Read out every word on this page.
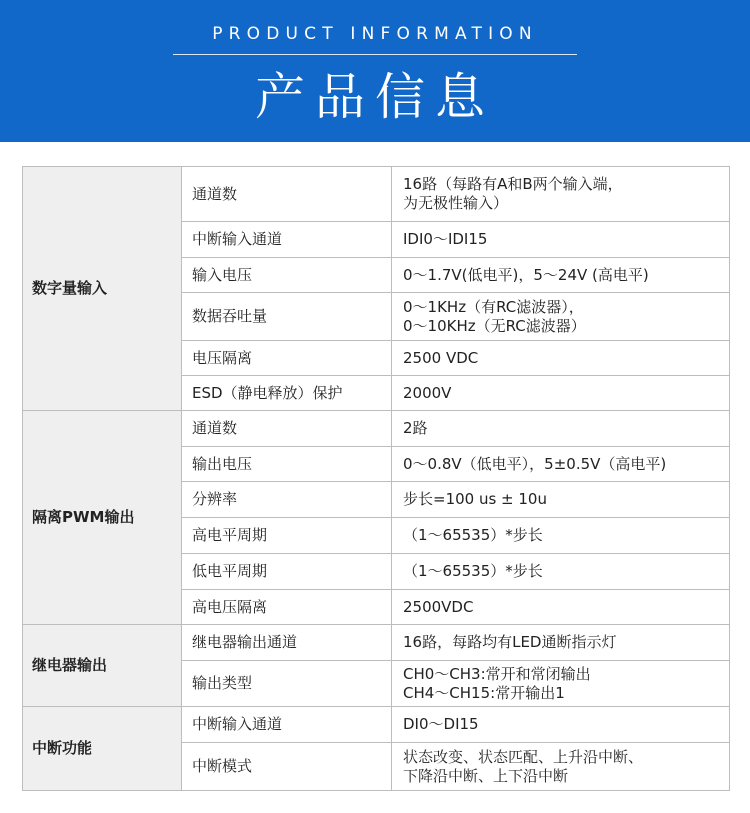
PRODUCT INFORMATION
产品信息
数字量输入	通道数	16路（每路有A和B两个输入端，
为无极性输入）

	中断输入通道	IDI0～IDI15

	输入电压	0～1.7V(低电平)，5～24V (高电平)

	数据吞吐量	0～1KHz（有RC滤波器），
0～10KHz（无RC滤波器）

	电压隔离	2500 VDC

	ESD（静电释放）保护	2000V

隔离PWM输出	通道数	2路

	输出电压	0～0.8V（低电平），5±0.5V（高电平)

	分辨率	步长=100 us ± 10u

	高电平周期	（1～65535）*步长

	低电平周期	（1～65535）*步长

	高电压隔离	2500VDC

继电器输出	继电器输出通道	16路，每路均有LED通断指示灯

	输出类型	CH0～CH3:常开和常闭输出
CH4～CH15:常开输出1

中断功能	中断输入通道	DI0～DI15

	中断模式	状态改变、状态匹配、上升沿中断、
下降沿中断、上下沿中断
